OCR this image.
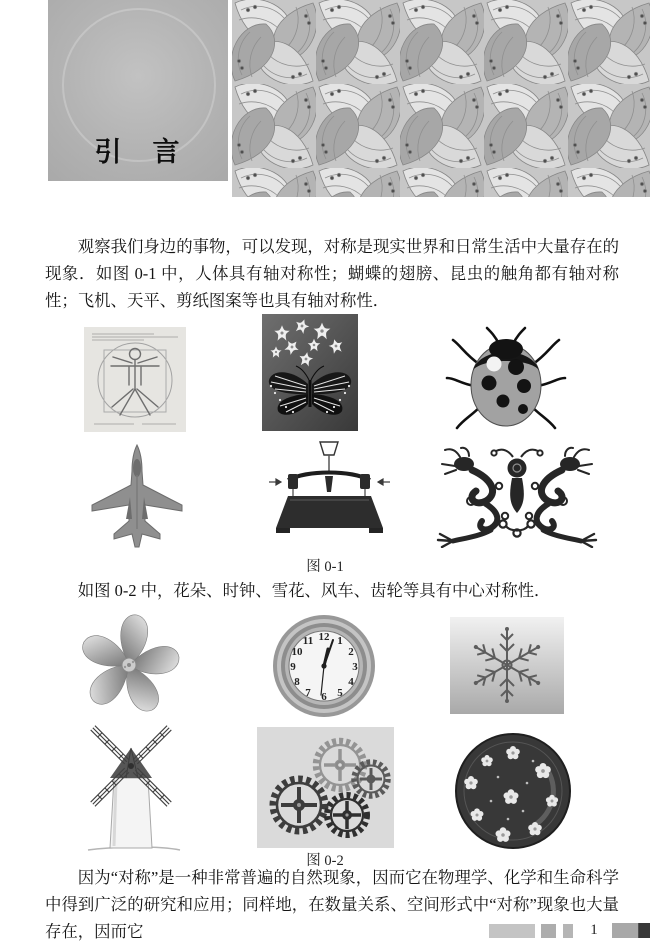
引　言
观察我们身边的事物，可以发现，对称是现实世界和日常生活中大量存在的现象．如图 0-1 中，人体具有轴对称性；蝴蝶的翅膀、昆虫的触角都有轴对称性；飞机、天平、剪纸图案等也具有轴对称性．
图 0-1
如图 0-2 中，花朵、时钟、雪花、风车、齿轮等具有中心对称性．
12 1
2
3
4
5
6
7
8
9
10
11
图 0-2
因为“对称”是一种非常普遍的自然现象，因而它在物理学、化学和生命科学中得到广泛的研究和应用；同样地，在数量关系、空间形式中“对称”现象也大量存在，因而它	1
